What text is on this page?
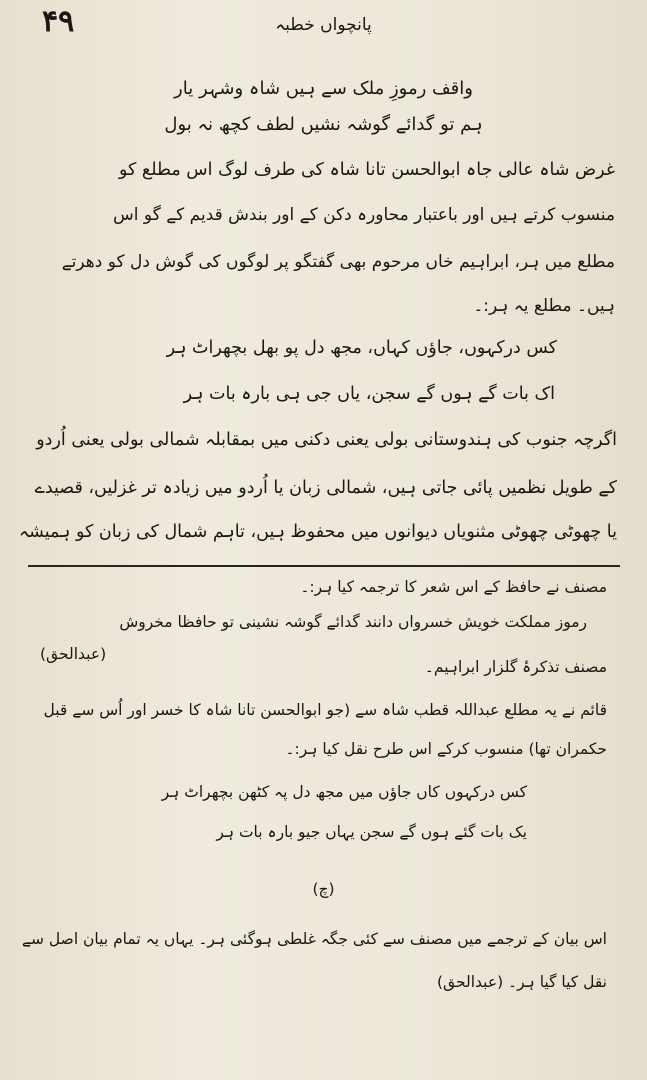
۴۹	پانچواں خطبہ
واقف رموزِ ملک سے ہیں شاہ وشہر یار
ہم تو گدائے گوشہ نشیں لطف کچھ نہ بول
غرض شاہ عالی جاہ ابوالحسن تانا شاہ کی طرف لوگ اس مطلع کو
منسوب کرتے ہیں اور باعتبار محاورہ دکن کے اور بندش قدیم کے گو اس
مطلع میں ہر، ابراہیم خاں مرحوم بھی گفتگو پر لوگوں کی گوش دل کو دھرتے
ہیں۔ مطلع یہ ہر:۔
کس درکہوں، جاؤں کہاں، مجھ دل پو بھل بچھراٹ ہر
اک بات گے ہوں گے سجن، یاں جی ہی بارہ بات ہر
اگرچہ جنوب کی ہندوستانی بولی یعنی دکنی میں بمقابلہ شمالی بولی یعنی اُردو
کے طویل نظمیں پائی جاتی ہیں، شمالی زبان یا اُردو میں زیادہ تر غزلیں، قصیدے
یا چھوٹی چھوٹی مثنویاں دیوانوں میں محفوظ ہیں، تاہم شمال کی زبان کو ہمیشہ
مصنف نے حافظ کے اس شعر کا ترجمہ کیا ہر:۔
رموز مملکت خویش خسرواں دانند گدائے گوشہ نشینی تو حافظا مخروش
(عبدالحق)
مصنف تذکرۂ گلزار ابراہیم۔
قائم نے یہ مطلع عبداللہ قطب شاہ سے (جو ابوالحسن تانا شاہ کا خسر اور اُس سے قبل
حکمران تھا) منسوب کرکے اس طرح نقل کیا ہر:۔
کس درکہوں کاں جاؤں میں مجھ دل پہ کٹھن بچھراٹ ہر
یک بات گئے ہوں گے سجن یہاں جیو بارہ بات ہر
(چ)
اس بیان کے ترجمے میں مصنف سے کئی جگہ غلطی ہوگئی ہر۔ یہاں یہ تمام بیان اصل سے
نقل کیا گیا ہر۔ (عبدالحق)
